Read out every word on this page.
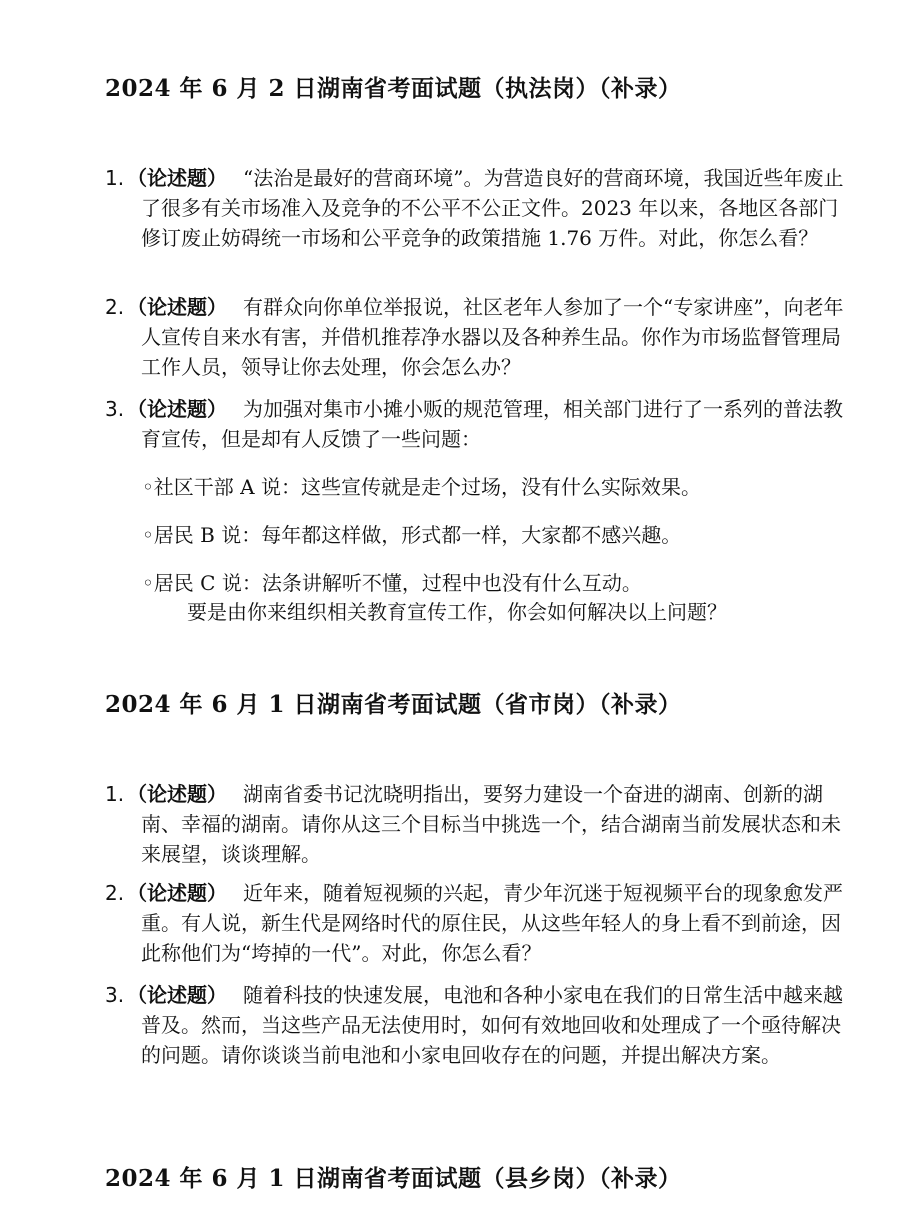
2024 年 6 月 2 日湖南省考面试题（执法岗）（补录）
1. （论述题） “法治是最好的营商环境”。为营造良好的营商环境，我国近些年废止了很多有关市场准入及竞争的不公平不公正文件。2023 年以来，各地区各部门修订废止妨碍统一市场和公平竞争的政策措施 1.76 万件。对此，你怎么看？
2. （论述题） 有群众向你单位举报说，社区老年人参加了一个“专家讲座”，向老年人宣传自来水有害，并借机推荐净水器以及各种养生品。你作为市场监督管理局工作人员，领导让你去处理，你会怎么办？
3. （论述题） 为加强对集市小摊小贩的规范管理，相关部门进行了一系列的普法教育宣传，但是却有人反馈了一些问题：
◦社区干部 A 说：这些宣传就是走个过场，没有什么实际效果。
◦居民 B 说：每年都这样做，形式都一样，大家都不感兴趣。
◦居民 C 说：法条讲解听不懂，过程中也没有什么互动。
要是由你来组织相关教育宣传工作，你会如何解决以上问题？
2024 年 6 月 1 日湖南省考面试题（省市岗）（补录）
1. （论述题） 湖南省委书记沈晓明指出，要努力建设一个奋进的湖南、创新的湖南、幸福的湖南。请你从这三个目标当中挑选一个，结合湖南当前发展状态和未来展望，谈谈理解。
2. （论述题） 近年来，随着短视频的兴起，青少年沉迷于短视频平台的现象愈发严重。有人说，新生代是网络时代的原住民，从这些年轻人的身上看不到前途，因此称他们为“垮掉的一代”。对此，你怎么看？
3. （论述题） 随着科技的快速发展，电池和各种小家电在我们的日常生活中越来越普及。然而，当这些产品无法使用时，如何有效地回收和处理成了一个亟待解决的问题。请你谈谈当前电池和小家电回收存在的问题，并提出解决方案。
2024 年 6 月 1 日湖南省考面试题（县乡岗）（补录）
